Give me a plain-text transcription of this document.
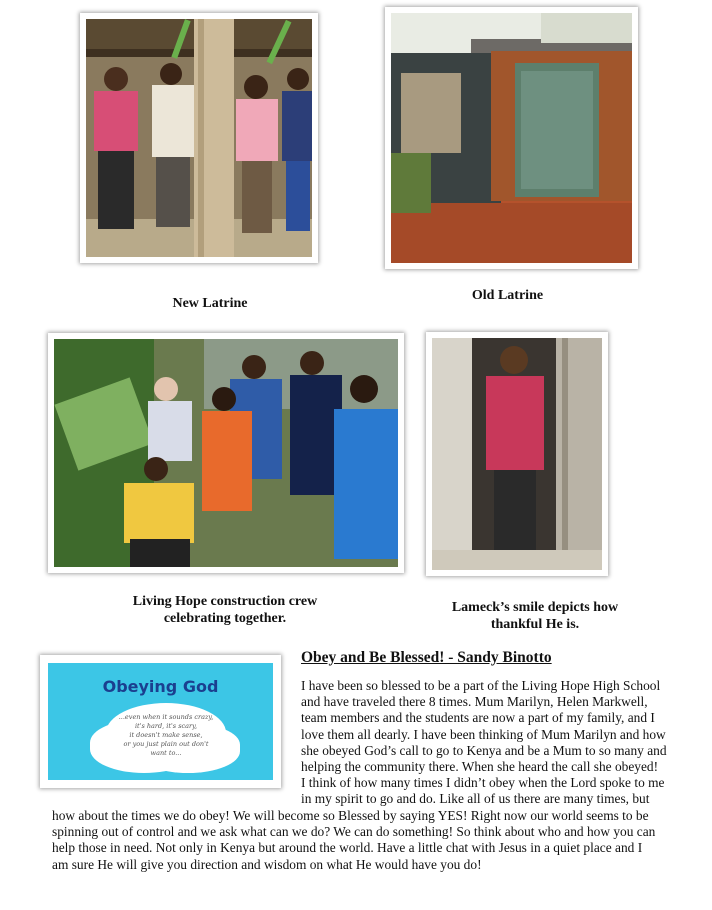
New Latrine
Old Latrine
Living Hope construction crew
celebrating together.
Lameck’s smile depicts how
thankful He is.
Obeying God
...even when it sounds crazy,
it's hard, it's scary,
it doesn't make sense,
or you just plain out don't
want to...
Obey and Be Blessed! - Sandy Binotto
I have been so blessed to be a part of the Living Hope High School
and have traveled there 8 times. Mum Marilyn, Helen Markwell,
team members and the students are now a part of my family, and I
love them all dearly. I have been thinking of Mum Marilyn and how
she obeyed God’s call to go to Kenya and be a Mum to so many and
helping the community there. When she heard the call she obeyed!
I think of how many times I didn’t obey when the Lord spoke to me
in my spirit to go and do. Like all of us there are many times, but
how about the times we do obey! We will become so Blessed by saying YES! Right now our world seems to be
spinning out of control and we ask what can we do? We can do something! So think about who and how you can
help those in need. Not only in Kenya but around the world. Have a little chat with Jesus in a quiet place and I
am sure He will give you direction and wisdom on what He would have you do!
